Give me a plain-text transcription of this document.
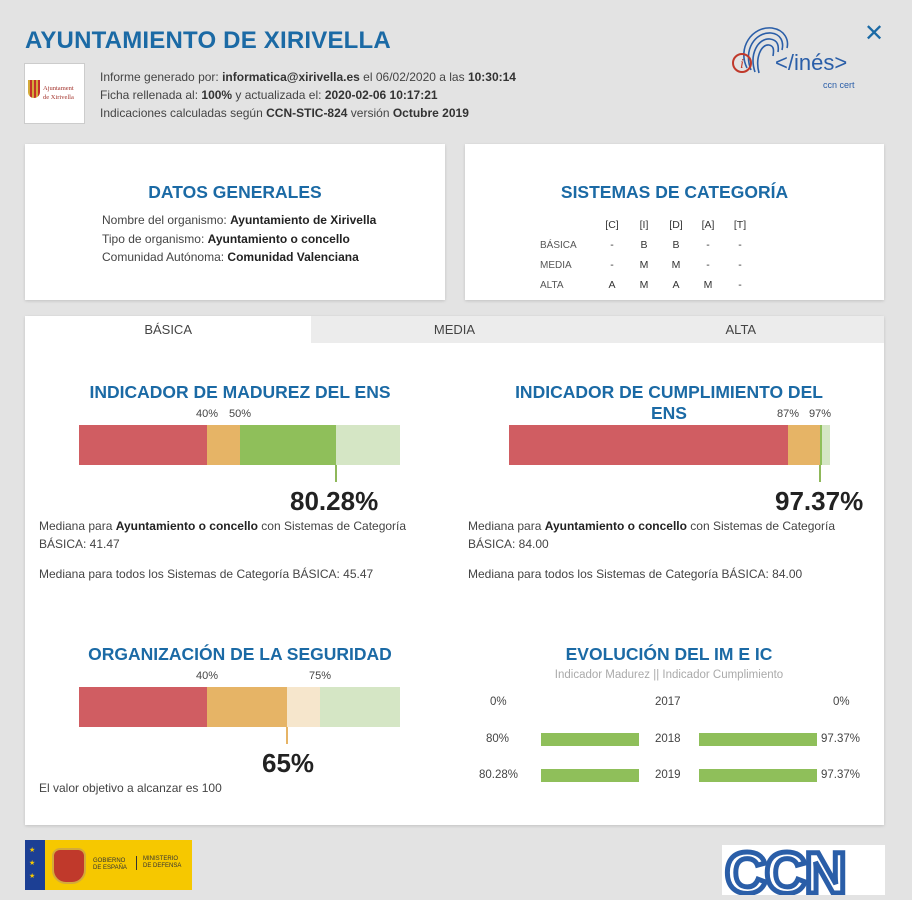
AYUNTAMIENTO DE XIRIVELLA
Ajuntament
de Xirivella
Informe generado por: informatica@xirivella.es el 06/02/2020 a las 10:30:14
Ficha rellenada al: 100% y actualizada el: 2020-02-06 10:17:21
Indicaciones calculadas según CCN-STIC-824 versión Octubre 2019
i </inés>
ccn cert
✕
DATOS GENERALES
Nombre del organismo: Ayuntamiento de Xirivella
Tipo de organismo: Ayuntamiento o concello
Comunidad Autónoma: Comunidad Valenciana
SISTEMAS DE CATEGORÍA
	[C]	[I]	[D]	[A]	[T]
BÁSICA	-	B	B	-	-
MEDIA	-	M	M	-	-
ALTA	A	M	A	M	-
BÁSICA	MEDIA	ALTA
INDICADOR DE MADUREZ DEL ENS
40% 50%
80.28%
Mediana para Ayuntamiento o concello con Sistemas de Categoría
BÁSICA: 41.47
Mediana para todos los Sistemas de Categoría BÁSICA: 45.47
INDICADOR DE CUMPLIMIENTO DEL ENS	87% 97%
97.37%
Mediana para Ayuntamiento o concello con Sistemas de Categoría
BÁSICA: 84.00
Mediana para todos los Sistemas de Categoría BÁSICA: 84.00
ORGANIZACIÓN DE LA SEGURIDAD
40%	75%
65%
El valor objetivo a alcanzar es 100
EVOLUCIÓN DEL IM E IC
Indicador Madurez || Indicador Cumplimiento
0%	2017	0%
80%	2018	97.37%
80.28%	2019	97.37%
★
★
★
GOBIERNO
DE ESPAÑA
MINISTERIO
DE DEFENSA	CCN
